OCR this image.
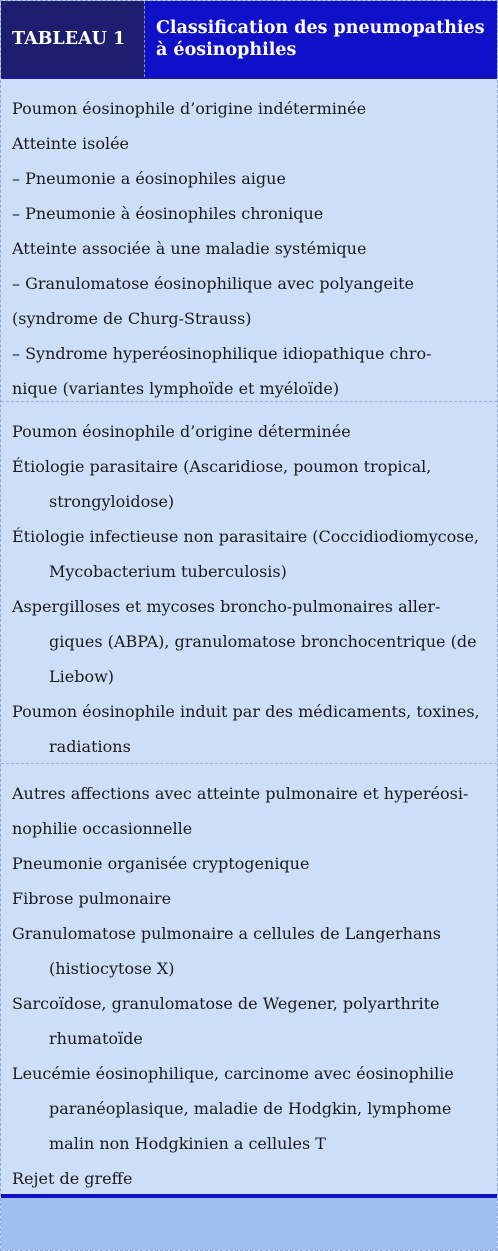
TABLEAU 1
Classification des pneumopathies
à éosinophiles

Poumon éosinophile d’origine indéterminée

Atteinte isolée

– Pneumonie a éosinophiles aigue

– Pneumonie à éosinophiles chronique

Atteinte associée à une maladie systémique

– Granulomatose éosinophilique avec polyangeite

(syndrome de Churg-Strauss)

– Syndrome hyperéosinophilique idiopathique chro-

nique (variantes lymphoïde et myéloïde)

Poumon éosinophile d’origine déterminée

Étiologie parasitaire (Ascaridiose, poumon tropical, strongyloidose)

Étiologie infectieuse non parasitaire (Coccidiodiomycose, Mycobacterium tuberculosis)

Aspergilloses et mycoses broncho-pulmonaires aller-giques (ABPA), granulomatose bronchocentrique (de Liebow)

Poumon éosinophile induit par des médicaments, toxines, radiations

Autres affections avec atteinte pulmonaire et hyperéosi-nophilie occasionnelle

Pneumonie organisée cryptogenique

Fibrose pulmonaire

Granulomatose pulmonaire a cellules de Langerhans (histiocytose X)

Sarcoïdose, granulomatose de Wegener, polyarthrite rhumatoïde

Leucémie éosinophilique, carcinome avec éosinophilie paranéoplasique, maladie de Hodgkin, lymphome malin non Hodgkinien a cellules T

Rejet de greffe
